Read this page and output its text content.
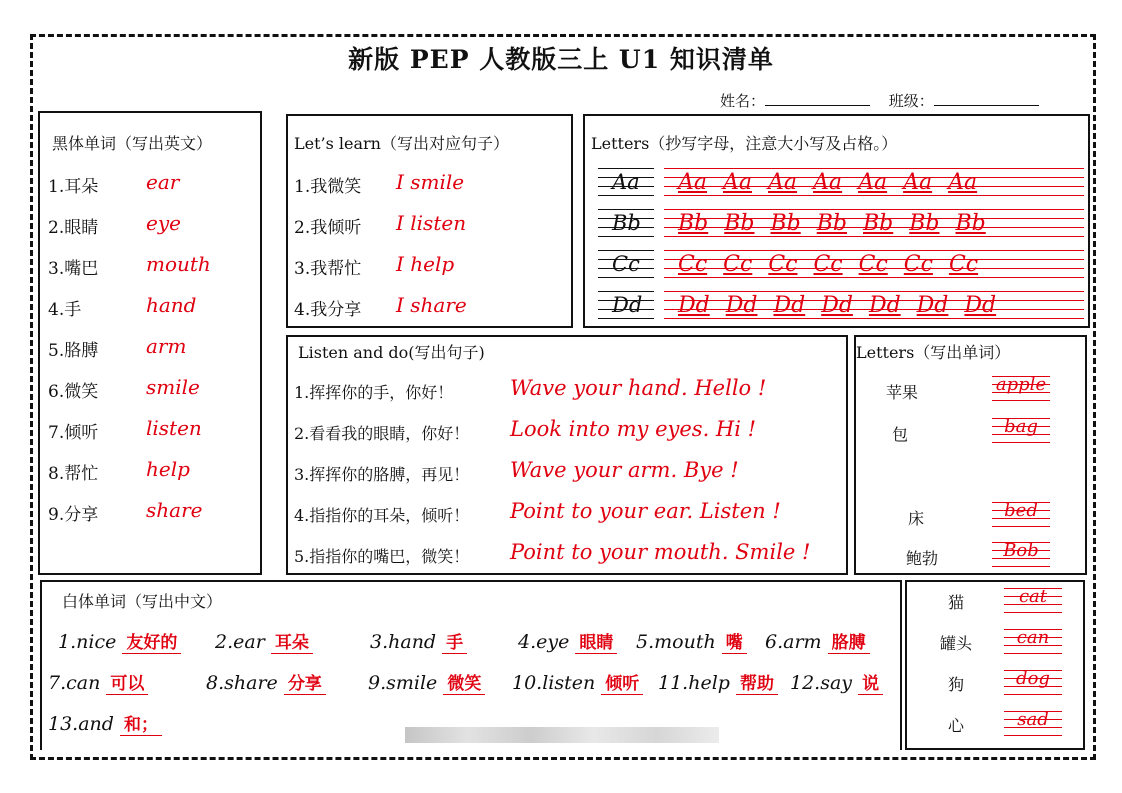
新版 PEP 人教版三上 U1 知识清单
姓名：	班级：
黑体单词（写出英文）
1.耳朵 ear
2.眼睛 eye
3.嘴巴 mouth
4.手	hand
5.胳膊 arm
6.微笑 smile
7.倾听 listen
8.帮忙 help
9.分享 share
Let’s learn（写出对应句子）
1.我微笑 I smile
2.我倾听 I listen
3.我帮忙 I help
4.我分享 I share
Letters（抄写字母，注意大小写及占格。）
Aa Aa Aa Aa Aa Aa Aa Aa
Bb Bb Bb Bb Bb Bb Bb Bb
Cc Cc Cc Cc Cc Cc Cc Cc
Dd Dd Dd Dd Dd Dd Dd Dd
Listen and do(写出句子)
1.挥挥你的手，你好！	Wave your hand. Hello !
2.看看我的眼睛，你好！ Look into my eyes. Hi !
3.挥挥你的胳膊，再见！ Wave your arm. Bye !
4.指指你的耳朵，倾听！ Point to your ear. Listen !
5.指指你的嘴巴，微笑！ Point to your mouth. Smile !
Letters（写出单词）
苹果	apple
包	bag
床	bed
鲍勃	Bob
白体单词（写出中文）
1.nice 友好的 2.ear 耳朵	3.hand 手	4.eye 眼睛 5.mouth 嘴 6.arm 胳膊
7.can 可以	8.share 分享 9.smile 微笑 10.listen 倾听 11.help 帮助 12.say 说
13.and 和；
猫	cat
罐头	can
狗	dog
心	sad
